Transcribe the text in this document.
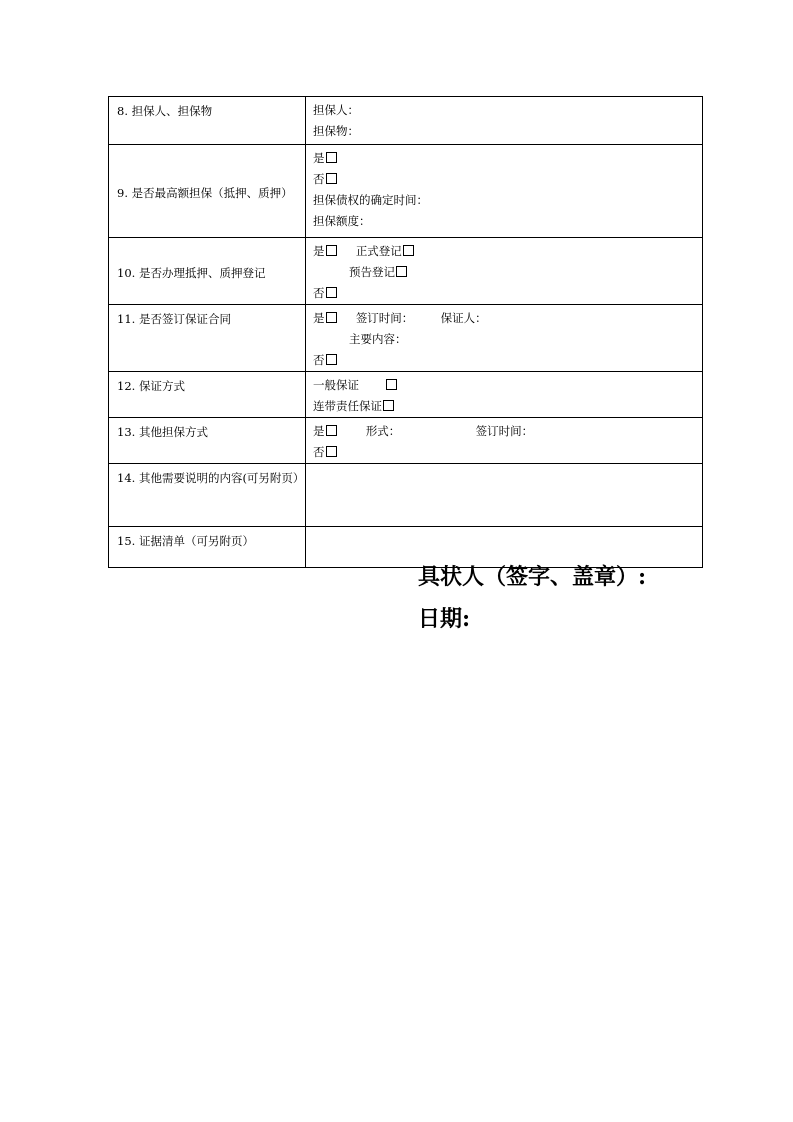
8. 担保人、担保物	担保人：
担保物：

9. 是否最高额担保（抵押、质押）	是
否
担保债权的确定时间：
担保额度：

10. 是否办理抵押、质押登记	是 正式登记
预告登记
否

11. 是否签订保证合同	是 签订时间： 保证人：
主要内容：
否

12. 保证方式	一般保证
连带责任保证

13. 其他担保方式	是 形式： 签订时间：
否

14. 其他需要说明的内容(可另附页）	
15. 证据清单（可另附页）	
具状人（签字、盖章）:
日期:
